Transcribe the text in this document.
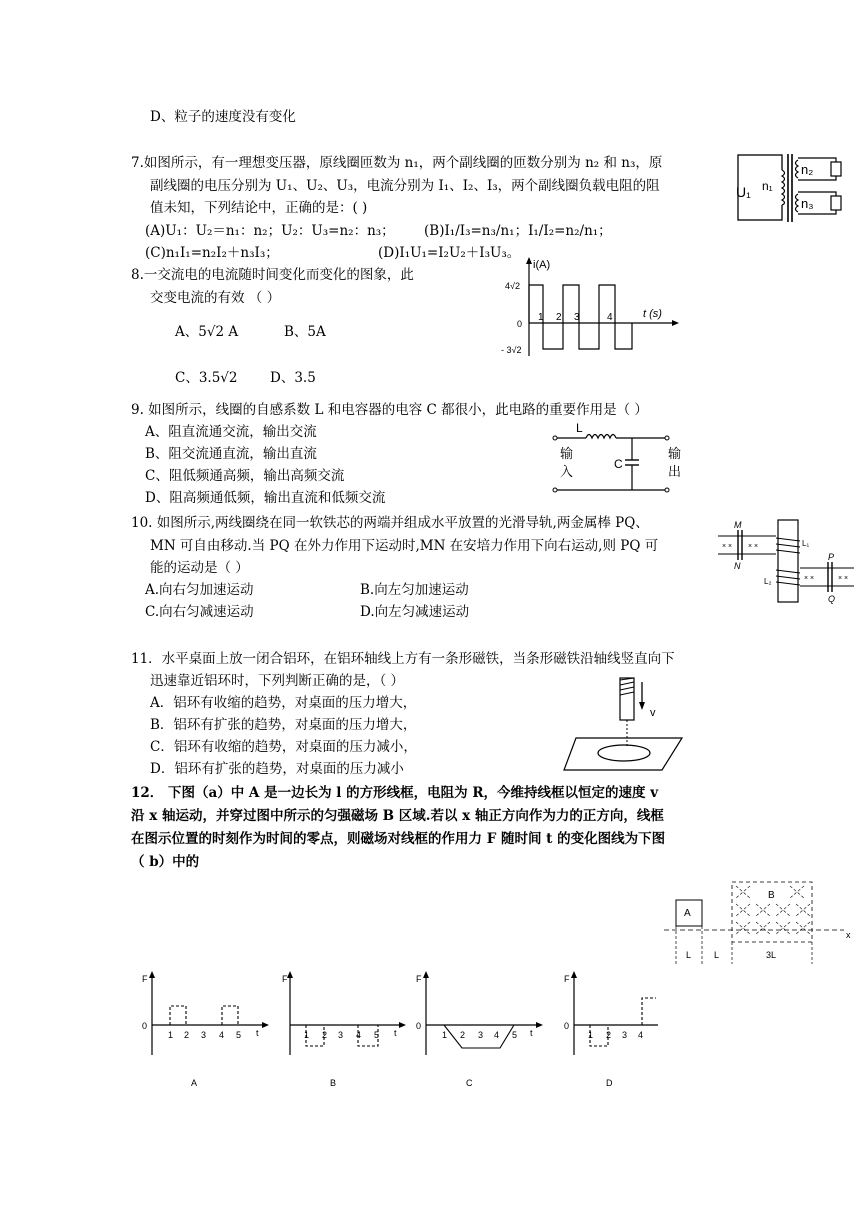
D、粒子的速度没有变化
7.如图所示，有一理想变压器，原线圈匝数为 n₁，两个副线圈的匝数分别为 n₂ 和 n₃，原
副线圈的电压分别为 U₁、U₂、U₃，电流分别为 I₁、I₂、I₃，两个副线圈负载电阻的阻
值未知，下列结论中，正确的是：( )
(A)U₁：U₂＝n₁：n₂；U₂：U₃=n₂：n₃； (B)I₁/I₃=n₃/n₁；I₁/I₂=n₂/n₁；
(C)n₁I₁=n₂I₂＋n₃I₃；	(D)I₁U₁=I₂U₂＋I₃U₃。
U₁ n₁
n₂
n₃
8.一交流电的电流随时间变化而变化的图象，此
交变电流的有效 （ ）
A、5√2 A	B、5A
C、3.5√2 D、3.5
i(A)
t (s)
4√2
- 3√2
0
1 2 3	4
9. 如图所示，线圈的自感系数 L 和电容器的电容 C 都很小，此电路的重要作用是（ ）
A、阻直流通交流，输出交流
B、阻交流通直流，输出直流
C、阻低频通高频，输出高频交流
D、阻高频通低频，输出直流和低频交流
L
C
输
入
输
出
10. 如图所示,两线圈绕在同一软铁芯的两端并组成水平放置的光滑导轨,两金属棒 PQ、
MN 可自由移动.当 PQ 在外力作用下运动时,MN 在安培力作用下向右运动,则 PQ 可
能的运动是（ ）
A.向右匀加速运动	B.向左匀加速运动
C.向右匀减速运动	D.向左匀减速运动
× × × ×
× ×	× ×
M
N
P
Q
L₁
L₂
11．水平桌面上放一闭合铝环，在铝环轴线上方有一条形磁铁，当条形磁铁沿轴线竖直向下
迅速靠近铝环时，下列判断正确的是，（ ）
A．铝环有收缩的趋势，对桌面的压力增大，
B．铝环有扩张的趋势，对桌面的压力增大，
C．铝环有收缩的趋势，对桌面的压力减小，
D．铝环有扩张的趋势，对桌面的压力减小
v
12． 下图（a）中 A 是一边长为 l 的方形线框，电阻为 R，今维持线框以恒定的速度 v
沿 x 轴运动，并穿过图中所示的匀强磁场 B 区域.若以 x 轴正方向作为力的正方向，线框
在图示位置的时刻作为时间的零点，则磁场对线框的作用力 F 随时间 t 的变化图线为下图
（ b）中的
x
A
B
L	L	3L
F
0
t
1 2 3 4 5
A
F
t
1 2 3 4 5
B
F
0
t
1 2 3 4 5
C
F
0
1 2 3 4
D
